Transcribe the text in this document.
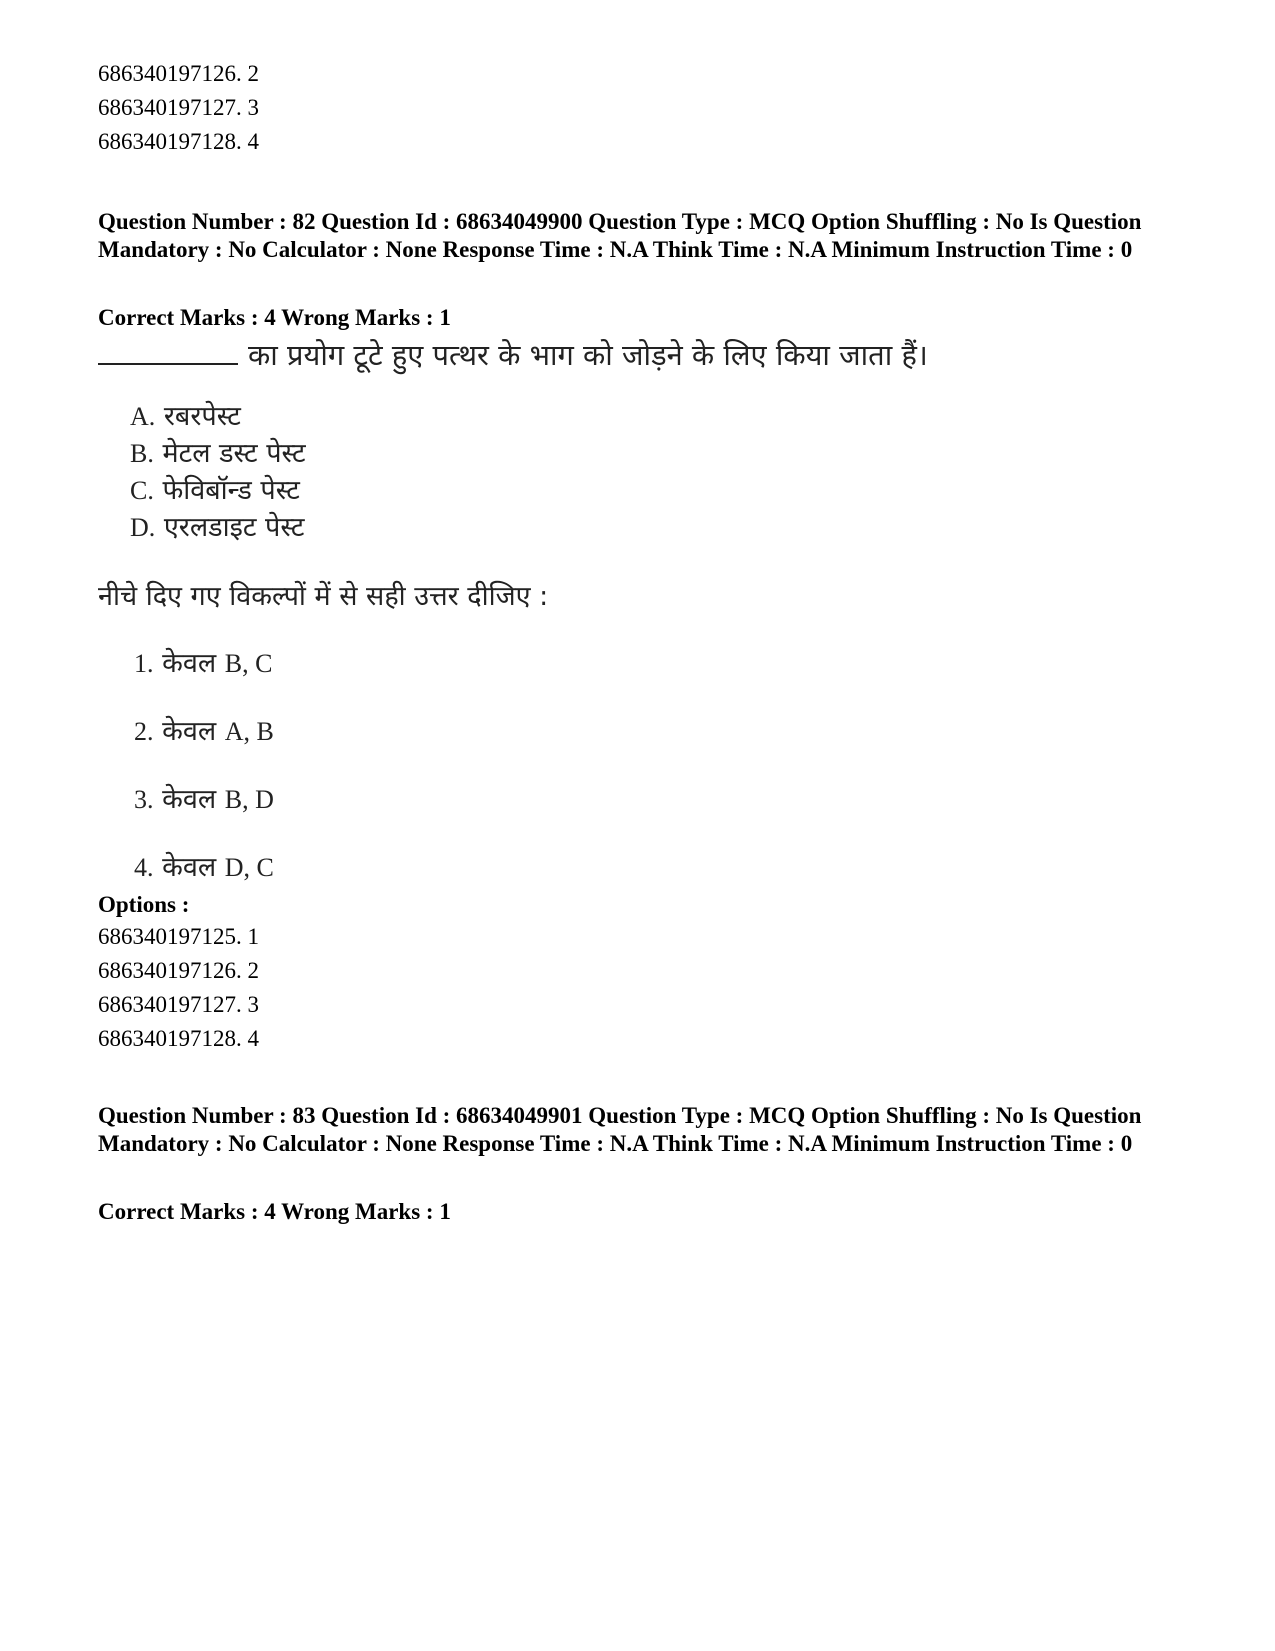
686340197126. 2
686340197127. 3
686340197128. 4
Question Number : 82 Question Id : 68634049900 Question Type : MCQ Option Shuffling : No Is Question Mandatory : No Calculator : None Response Time : N.A Think Time : N.A Minimum Instruction Time : 0
Correct Marks : 4 Wrong Marks : 1
का प्रयोग टूटे हुए पत्थर के भाग को जोड़ने के लिए किया जाता हैं।
A. रबरपेस्ट
B. मेटल डस्ट पेस्ट
C. फेविबॉन्ड पेस्ट
D. एरलडाइट पेस्ट
नीचे दिए गए विकल्पों में से सही उत्तर दीजिए :
1. केवल B, C
2. केवल A, B
3. केवल B, D
4. केवल D, C
Options :
686340197125. 1
686340197126. 2
686340197127. 3
686340197128. 4
Question Number : 83 Question Id : 68634049901 Question Type : MCQ Option Shuffling : No Is Question Mandatory : No Calculator : None Response Time : N.A Think Time : N.A Minimum Instruction Time : 0
Correct Marks : 4 Wrong Marks : 1
